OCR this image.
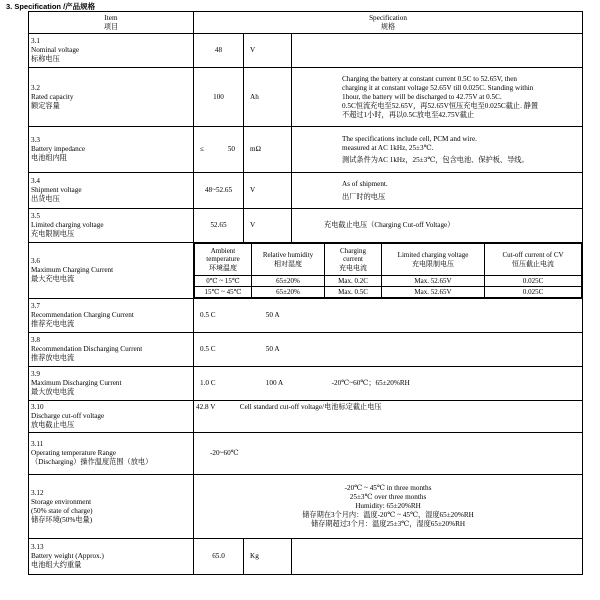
3. Specification /产品规格
Item
项目

Specification
规格

3.1
Nominal voltage
标称电压
	48	V	

3.2
Rated capacity
额定容量
	100	Ah	
Charging the battery at constant current 0.5C to 52.65V, then
charging it at constant voltage 52.65V till 0.025C. Standing within
1hour, the battery will be discharged to 42.75V at 0.5C.
0.5C恒流充电至52.65V，再52.65V恒压充电至0.025C截止. 静置
不超过1小时，再以0.5C放电至42.75V截止

3.3
Battery impedance
电池组内阻

≤	50	mΩ	
The specifications include cell, PCM and wire.
measured at AC 1kHz, 25±3℃.
测试条件为AC 1kHz，25±3℃，包含电池、保护板、导线。

3.4
Shipment voltage
出货电压
	48~52.65	V	
As of shipment.
出厂时的电压

3.5
Limited charging voltage
充电限制电压
	52.65	V	充电截止电压（Charging Cut-off Voltage）

3.6
Maximum Charging Current
最大充电电流

Ambient
temperature
环境温度

Relative humidity
相对湿度

Charging
current
充电电流

Limited charging voltage
充电限制电压

Cut-off current of CV
恒压截止电流

0℃ ~ 15℃	65±20%	Max. 0.2C	Max. 52.65V	0.025C
15℃ ~ 45℃	65±20%	Max. 0.5C	Max. 52.65V	0.025C

3.7
Recommendation Charging Current
推荐充电电流
	0.5 C	50 A

3.8
Recommendation Discharging Current
推荐放电电流
	0.5 C	50 A

3.9
Maximum Discharging Current
最大放电电流
	1.0 C	100 A	-20℃~60℃；65±20%RH

3.10
Discharge cut-off voltage
放电截止电压
	42.8 V	Cell standard cut-off voltage/电池标定截止电压

3.11
Operating temperature Range
（Discharging）操作温度范围（放电）
	-20~60℃

3.12
Storage environment
(50% state of charge)
储存环境(50%电量)

-20℃ ~ 45℃ in three months
25±3℃ over three months
Humidity: 65±20%RH
储存期在3个月内：温度-20℃ ~ 45℃，湿度65±20%RH
储存期超过3个月：温度25±3℃，湿度65±20%RH

3.13
Battery weight (Approx.)
电池组大约重量
	65.0	Kg	
